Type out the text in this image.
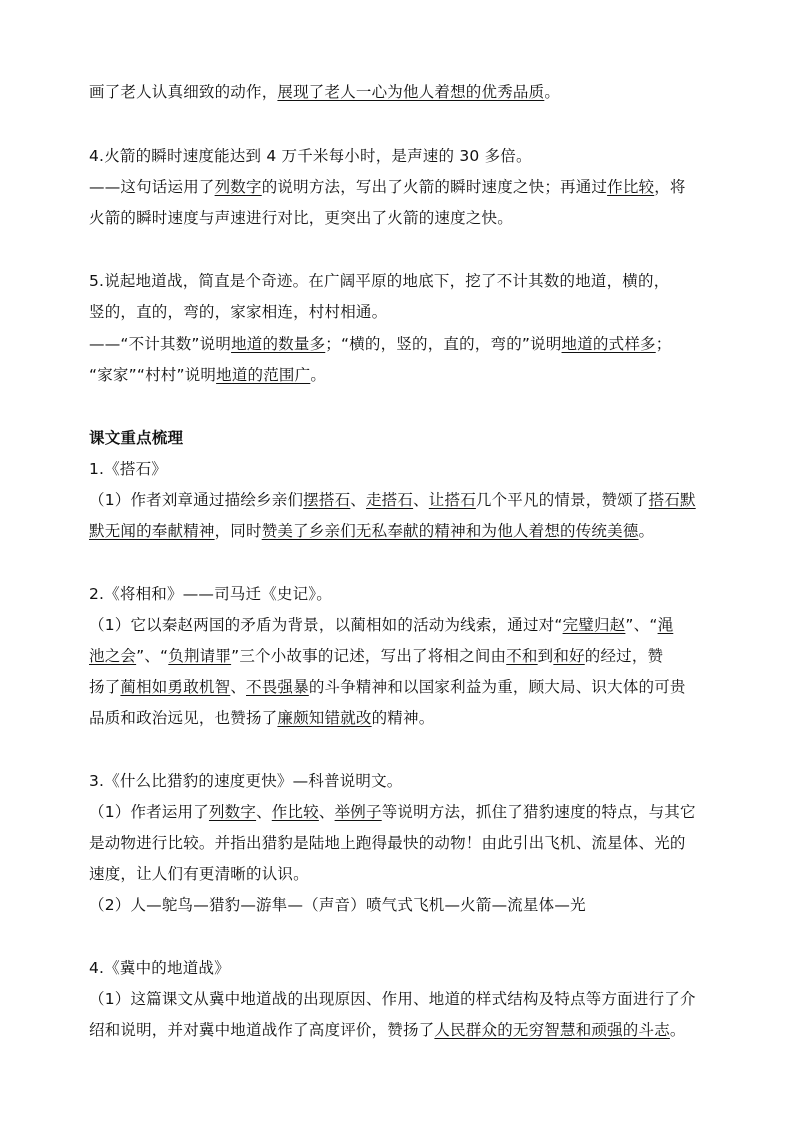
画了老人认真细致的动作，展现了老人一心为他人着想的优秀品质。
4.火箭的瞬时速度能达到 4 万千米每小时，是声速的 30 多倍。
——这句话运用了列数字的说明方法，写出了火箭的瞬时速度之快；再通过作比较，将
火箭的瞬时速度与声速进行对比，更突出了火箭的速度之快。
5.说起地道战，简直是个奇迹。在广阔平原的地底下，挖了不计其数的地道，横的，
竖的，直的，弯的，家家相连，村村相通。
——“不计其数”说明地道的数量多；“横的，竖的，直的，弯的”说明地道的式样多；
“家家”“村村”说明地道的范围广。
课文重点梳理
1.《搭石》
（1）作者刘章通过描绘乡亲们摆搭石、走搭石、让搭石几个平凡的情景，赞颂了搭石默
默无闻的奉献精神，同时赞美了乡亲们无私奉献的精神和为他人着想的传统美德。
2.《将相和》——司马迁《史记》。
（1）它以秦赵两国的矛盾为背景，以蔺相如的活动为线索，通过对“完璧归赵”、“渑
池之会”、“负荆请罪”三个小故事的记述，写出了将相之间由不和到和好的经过，赞
扬了蔺相如勇敢机智、不畏强暴的斗争精神和以国家利益为重，顾大局、识大体的可贵
品质和政治远见，也赞扬了廉颇知错就改的精神。
3.《什么比猎豹的速度更快》—科普说明文。
（1）作者运用了列数字、作比较、举例子等说明方法，抓住了猎豹速度的特点，与其它
是动物进行比较。并指出猎豹是陆地上跑得最快的动物！由此引出飞机、流星体、光的
速度，让人们有更清晰的认识。
（2）人—鸵鸟—猎豹—游隼—（声音）喷气式飞机—火箭—流星体—光
4.《冀中的地道战》
（1）这篇课文从冀中地道战的出现原因、作用、地道的样式结构及特点等方面进行了介
绍和说明，并对冀中地道战作了高度评价，赞扬了人民群众的无穷智慧和顽强的斗志。
